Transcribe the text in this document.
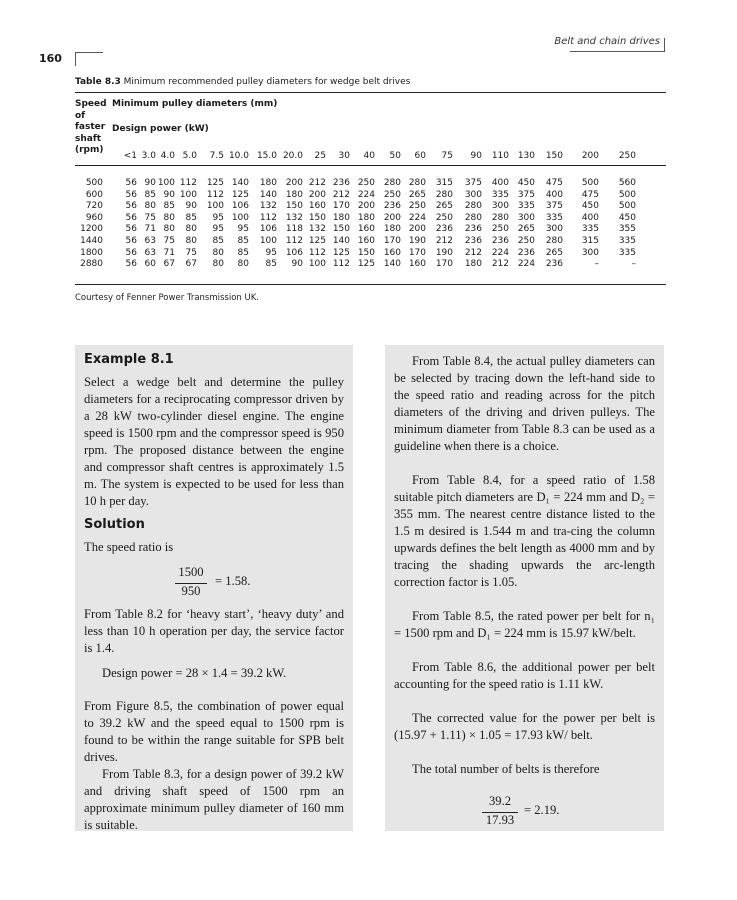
160
Belt and chain drives
Table 8.3 Minimum recommended pulley diameters for wedge belt drives
Speed
of
faster
shaft
(rpm)
Minimum pulley diameters (mm)
Design power (kW)
<1 3.0 4.0 5.0	7.5 10.0 15.0 20.0	25	30	40	50	60	75	90	110 130	150	200	250
500	56 90 100 112	125 140	180 200 212 236 250 280 280	315	375	400 450	475	500	560
600	56 85 90 100	112 125	140 180 200 212 224 250 265	280	300	335 375	400	475	500
720	56 80 85	90	100 106	132 150 160 170 200 236 250	265	280	300 335	375	450	500
960	56 75 80	85	95 100	112 132 150 180 180 200 224	250	280	280 300	335	400	450
1200	56 71 80	80	95	95	106 118 132 150 160 180 200	236	236	250 265	300	335	355
1440	56 63 75	80	85	85	100 112 125 140 160 170 190	212	236	236 250	280	315	335
1800	56 63 71	75	80	85	95 106 112 125 150 160 170	190	212	224 236	265	300	335
2880	56 60 67	67	80	80	85	90 100 112 125 140 160	170	180	212 224	236	–	–
Courtesy of Fenner Power Transmission UK.
Example 8.1
Select a wedge belt and determine the pulley diameters for a reciprocating compressor driven by a 28 kW two-cylinder diesel engine. The engine speed is 1500 rpm and the compressor speed is 950 rpm. The proposed distance between the engine and compressor shaft centres is approximately 1.5 m. The system is expected to be used for less than 10 h per day.
Solution
The speed ratio is
1500
950
= 1.58.
From Table 8.2 for ‘heavy start’, ‘heavy duty’ and less than 10 h operation per day, the service factor is 1.4.
Design power = 28 × 1.4 = 39.2 kW.
From Figure 8.5, the combination of power equal to 39.2 kW and the speed equal to 1500 rpm is found to be within the range suitable for SPB belt drives.
From Table 8.3, for a design power of 39.2 kW and driving shaft speed of 1500 rpm an approximate minimum pulley diameter of 160 mm is suitable.
From Table 8.4, the actual pulley diameters can be selected by tracing down the left-hand side to the speed ratio and reading across for the pitch diameters of the driving and driven pulleys. The minimum diameter from Table 8.3 can be used as a guideline when there is a choice.
From Table 8.4, for a speed ratio of 1.58 suitable pitch diameters are D₁ = 224 mm and D₂ = 355 mm. The nearest centre distance listed to the 1.5 m desired is 1.544 m and tra-cing the column upwards defines the belt length as 4000 mm and by tracing the shading upwards the arc-length correction factor is 1.05.
From Table 8.5, the rated power per belt for n₁ = 1500 rpm and D₁ = 224 mm is 15.97 kW/belt.
From Table 8.6, the additional power per belt accounting for the speed ratio is 1.11 kW.
The corrected value for the power per belt is (15.97 + 1.11) × 1.05 = 17.93 kW/ belt.
The total number of belts is therefore
39.2
17.93
= 2.19.
